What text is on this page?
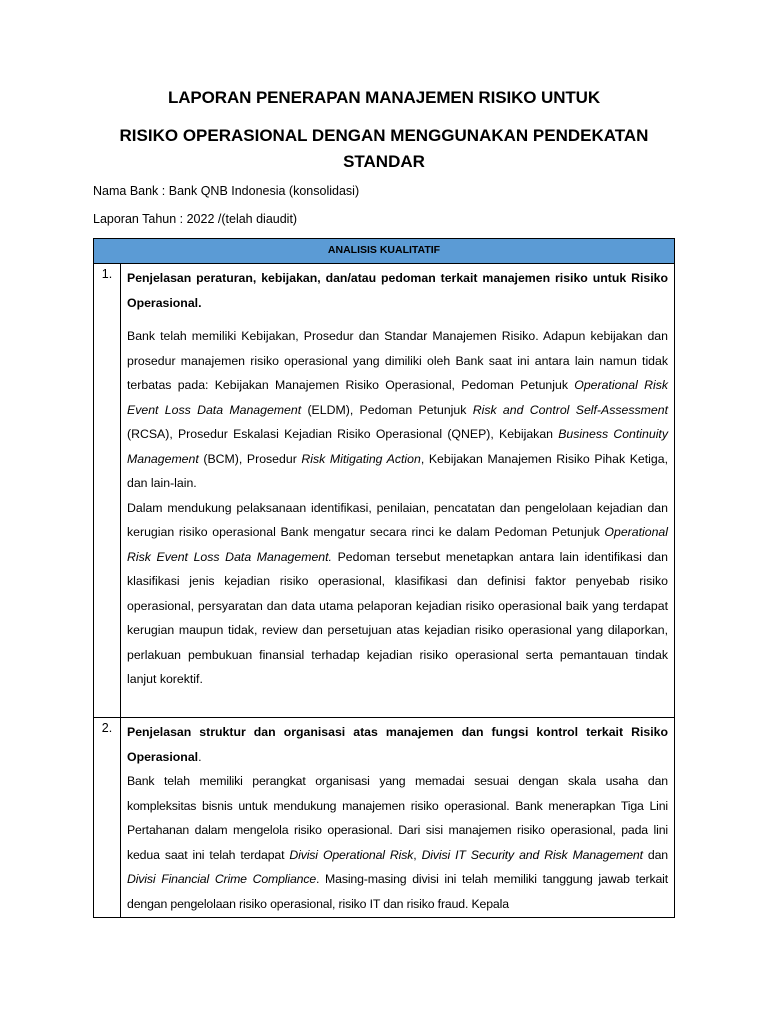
LAPORAN PENERAPAN MANAJEMEN RISIKO UNTUK
RISIKO OPERASIONAL DENGAN MENGGUNAKAN PENDEKATAN STANDAR
Nama Bank : Bank QNB Indonesia (konsolidasi)
Laporan Tahun : 2022 /(telah diaudit)
ANALISIS KUALITATIF
1.	Penjelasan peraturan, kebijakan, dan/atau pedoman terkait manajemen risiko untuk Risiko Operasional.

Bank telah memiliki Kebijakan, Prosedur dan Standar Manajemen Risiko. Adapun kebijakan dan prosedur manajemen risiko operasional yang dimiliki oleh Bank saat ini antara lain namun tidak terbatas pada: Kebijakan Manajemen Risiko Operasional, Pedoman Petunjuk Operational Risk Event Loss Data Management (ELDM), Pedoman Petunjuk Risk and Control Self-Assessment (RCSA), Prosedur Eskalasi Kejadian Risiko Operasional (QNEP), Kebijakan Business Continuity Management (BCM), Prosedur Risk Mitigating Action, Kebijakan Manajemen Risiko Pihak Ketiga, dan lain-lain.

Dalam mendukung pelaksanaan identifikasi, penilaian, pencatatan dan pengelolaan kejadian dan kerugian risiko operasional Bank mengatur secara rinci ke dalam Pedoman Petunjuk Operational Risk Event Loss Data Management. Pedoman tersebut menetapkan antara lain identifikasi dan klasifikasi jenis kejadian risiko operasional, klasifikasi dan definisi faktor penyebab risiko operasional, persyaratan dan data utama pelaporan kejadian risiko operasional baik yang terdapat kerugian maupun tidak, review dan persetujuan atas kejadian risiko operasional yang dilaporkan, perlakuan pembukuan finansial terhadap kejadian risiko operasional serta pemantauan tindak lanjut korektif.

2.	Penjelasan struktur dan organisasi atas manajemen dan fungsi kontrol terkait Risiko Operasional.

Bank telah memiliki perangkat organisasi yang memadai sesuai dengan skala usaha dan kompleksitas bisnis untuk mendukung manajemen risiko operasional. Bank menerapkan Tiga Lini Pertahanan dalam mengelola risiko operasional. Dari sisi manajemen risiko operasional, pada lini kedua saat ini telah terdapat Divisi Operational Risk, Divisi IT Security and Risk Management dan Divisi Financial Crime Compliance. Masing-masing divisi ini telah memiliki tanggung jawab terkait dengan pengelolaan risiko operasional, risiko IT dan risiko fraud. Kepala
